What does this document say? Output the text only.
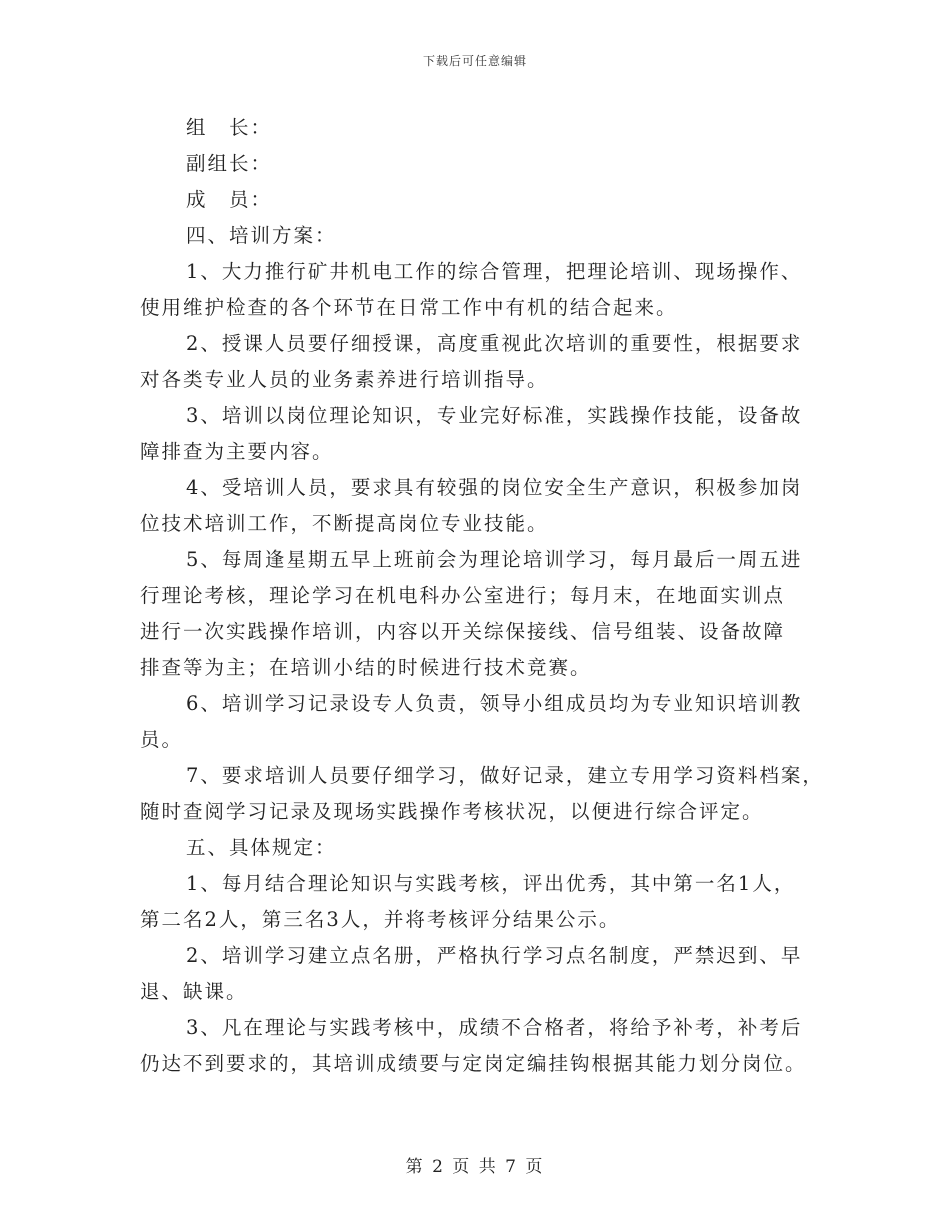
下载后可任意编辑
组　长：
副组长：
成　员：
四、培训方案：
1、大力推行矿井机电工作的综合管理，把理论培训、现场操作、
使用维护检查的各个环节在日常工作中有机的结合起来。
2、授课人员要仔细授课，高度重视此次培训的重要性，根据要求
对各类专业人员的业务素养进行培训指导。
3、培训以岗位理论知识，专业完好标准，实践操作技能，设备故
障排查为主要内容。
4、受培训人员，要求具有较强的岗位安全生产意识，积极参加岗
位技术培训工作，不断提高岗位专业技能。
5、每周逢星期五早上班前会为理论培训学习，每月最后一周五进
行理论考核，理论学习在机电科办公室进行；每月末，在地面实训点
进行一次实践操作培训，内容以开关综保接线、信号组装、设备故障
排查等为主；在培训小结的时候进行技术竞赛。
6、培训学习记录设专人负责，领导小组成员均为专业知识培训教
员。
7、要求培训人员要仔细学习，做好记录，建立专用学习资料档案，
随时查阅学习记录及现场实践操作考核状况，以便进行综合评定。
五、具体规定：
1、每月结合理论知识与实践考核，评出优秀，其中第一名1人，
第二名2人，第三名3人，并将考核评分结果公示。
2、培训学习建立点名册，严格执行学习点名制度，严禁迟到、早
退、缺课。
3、凡在理论与实践考核中，成绩不合格者，将给予补考，补考后
仍达不到要求的，其培训成绩要与定岗定编挂钩根据其能力划分岗位。
第 2 页 共 7 页
